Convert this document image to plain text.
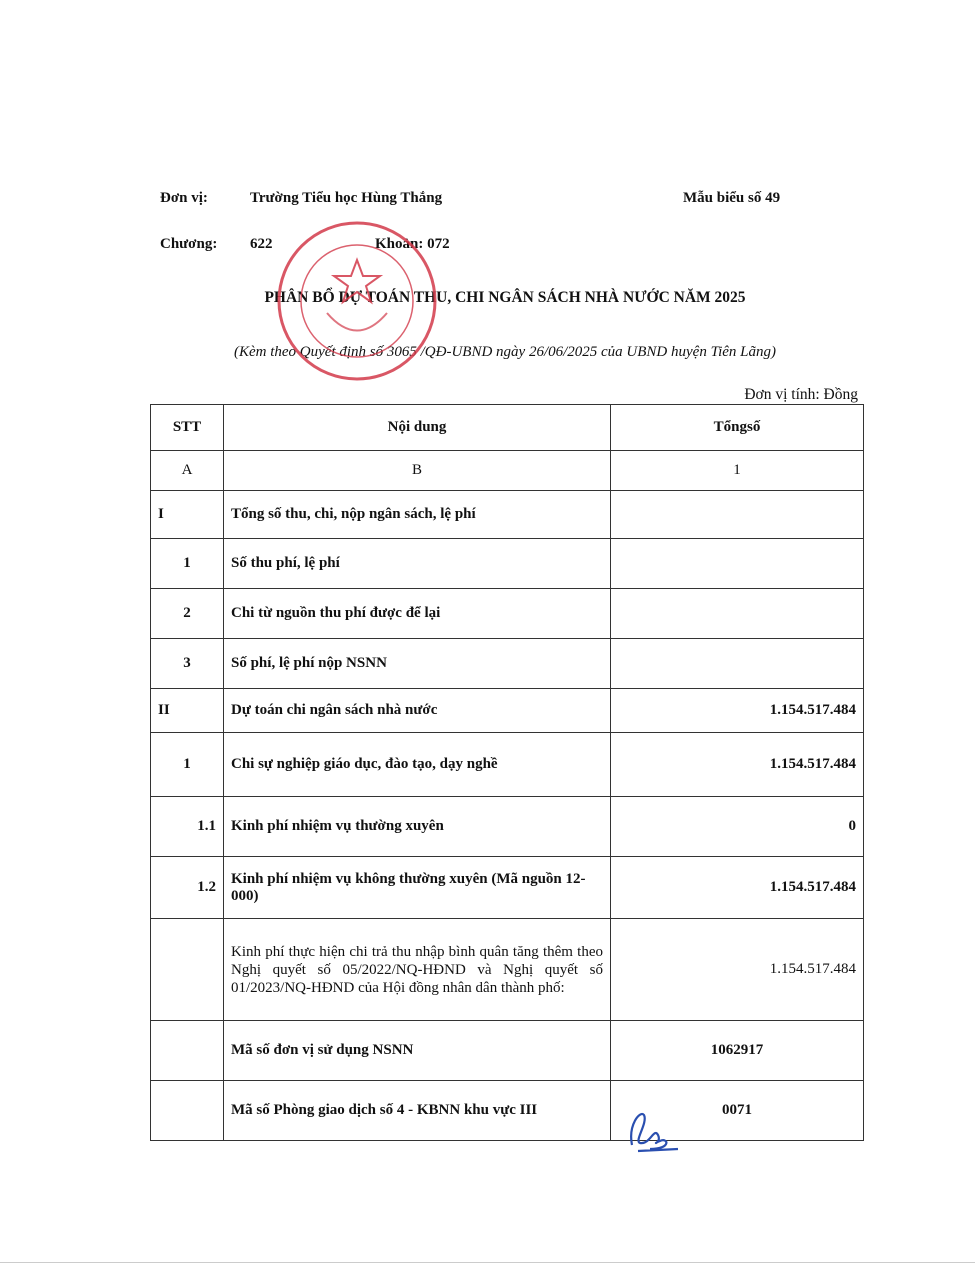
Đơn vị:	Trường Tiểu học Hùng Thắng	Mẫu biểu số 49
Chương: 622	Khoản: 072
PHÂN BỔ DỰ TOÁN THU, CHI NGÂN SÁCH NHÀ NƯỚC NĂM 2025
(Kèm theo Quyết định số 3065 /QĐ-UBND ngày 26/06/2025 của UBND huyện Tiên Lãng)
Đơn vị tính: Đồng
STT	Nội dung	Tổngsố
A	B	1
I	Tổng số thu, chi, nộp ngân sách, lệ phí	
1	Số thu phí, lệ phí	
2	Chi từ nguồn thu phí được để lại	
3	Số phí, lệ phí nộp NSNN	
II	Dự toán chi ngân sách nhà nước	1.154.517.484
1	Chi sự nghiệp giáo dục, đào tạo, dạy nghề	1.154.517.484
1.1	Kinh phí nhiệm vụ thường xuyên	0
1.2	Kinh phí nhiệm vụ không thường xuyên (Mã nguồn 12-000)	1.154.517.484
	Kinh phí thực hiện chi trả thu nhập bình quân tăng thêm theo Nghị quyết số 05/2022/NQ-HĐND và Nghị quyết số 01/2023/NQ-HĐND của Hội đồng nhân dân thành phố:	1.154.517.484
	Mã số đơn vị sử dụng NSNN	1062917
	Mã số Phòng giao dịch số 4 - KBNN khu vực III	0071
